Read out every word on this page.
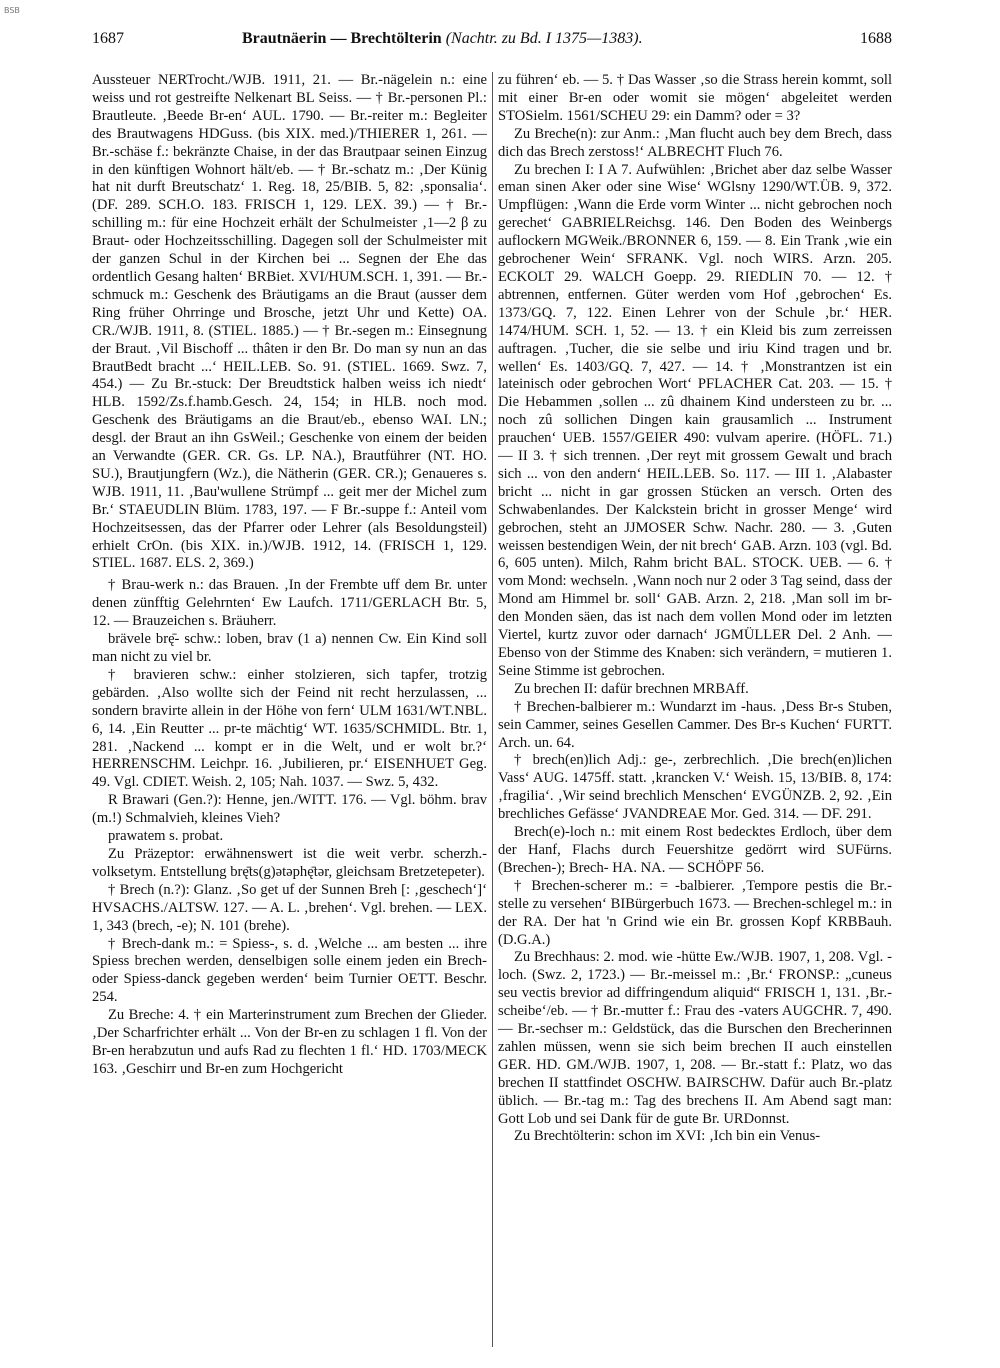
BSB
1687	Brautnäerin — Brechtölterin (Nachtr. zu Bd. I 1375—1383).	1688

Aussteuer NERTrocht./WJB. 1911, 21. — Br.-nägelein n.: eine weiss und rot gestreifte Nelkenart BL Seiss. — † Br.-personen Pl.: Brautleute. ‚Beede Br-en‘ AUL. 1790. — Br.-reiter m.: Begleiter des Brautwagens HDGuss. (bis XIX. med.)/THIERER 1, 261. — Br.-schäse f.: bekränzte Chaise, in der das Brautpaar seinen Einzug in den künftigen Wohnort hält/eb. — † Br.-schatz m.: ‚Der Künig hat nit durft Breutschatz‘ 1. Reg. 18, 25/BIB. 5, 82: ‚sponsalia‘. (DF. 289. SCH.O. 183. FRISCH 1, 129. LEX. 39.) — † Br.-schilling m.: für eine Hochzeit erhält der Schulmeister ‚1—2 β zu Braut- oder Hochzeitsschilling. Dagegen soll der Schulmeister mit der ganzen Schul in der Kirchen bei ... Segnen der Ehe das ordentlich Gesang halten‘ BRBiet. XVI/HUM.SCH. 1, 391. — Br.-schmuck m.: Geschenk des Bräutigams an die Braut (ausser dem Ring früher Ohrringe und Brosche, jetzt Uhr und Kette) OA. CR./WJB. 1911, 8. (STIEL. 1885.) — † Br.-segen m.: Einsegnung der Braut. ‚Vil Bischoff ... thâten ir den Br. Do man sy nun an das BrautBedt bracht ...‘ HEIL.LEB. So. 91. (STIEL. 1669. Swz. 7, 454.) — Zu Br.-stuck: Der Breudtstick halben weiss ich niedt‘ HLB. 1592/Zs.f.hamb.Gesch. 24, 154; in HLB. noch mod. Geschenk des Bräutigams an die Braut/eb., ebenso WAI. LN.; desgl. der Braut an ihn GsWeil.; Geschenke von einem der beiden an Verwandte (GER. CR. Gs. LP. NA.), Brautführer (NT. HO. SU.), Brautjungfern (Wz.), die Nätherin (GER. CR.); Genaueres s. WJB. 1911, 11. ‚Bau'wullene Strümpf ... geit mer der Michel zum Br.‘ STAEUDLIN Blüm. 1783, 197. — F Br.-suppe f.: Anteil vom Hochzeitsessen, das der Pfarrer oder Lehrer (als Besoldungsteil) erhielt CrOn. (bis XIX. in.)/WJB. 1912, 14. (FRISCH 1, 129. STIEL. 1687. ELS. 2, 369.)

† Brau-werk n.: das Brauen. ‚In der Frembte uff dem Br. unter denen zünfftig Gelehrnten‘ Ew Laufch. 1711/GERLACH Btr. 5, 12. — Brauzeichen s. Bräuherr.

brävele brę̄- schw.: loben, brav (1 a) nennen Cw. Ein Kind soll man nicht zu viel br.

† bravieren schw.: einher stolzieren, sich tapfer, trotzig gebärden. ‚Also wollte sich der Feind nit recht herzulassen, ... sondern bravirte allein in der Höhe von fern‘ ULM 1631/WT.NBL. 6, 14. ‚Ein Reutter ... pr-te mächtig‘ WT. 1635/SCHMIDL. Btr. 1, 281. ‚Nackend ... kompt er in die Welt, und er wolt br.?‘ HERRENSCHM. Leichpr. 16. ‚Jubilieren, pr.‘ EISENHUET Geg. 49. Vgl. CDIET. Weish. 2, 105; Nah. 1037. — Swz. 5, 432.

R Brawari (Gen.?): Henne, jen./WITT. 176. — Vgl. böhm. brav (m.!) Schmalvieh, kleines Vieh?

prawatem s. probat.

Zu Präzeptor: erwähnenswert ist die weit verbr. scherzh.-volksetym. Entstellung brę̄ts(g)ətəphę̄tər, gleichsam Bretzetepeter).

† Brech (n.?): Glanz. ‚So get uf der Sunnen Breh [: ‚geschech‘]‘ HVSACHS./ALTSW. 127. — A. L. ‚brehen‘. Vgl. brehen. — LEX. 1, 343 (brech, -e); N. 101 (brehe).

† Brech-dank m.: = Spiess-, s. d. ‚Welche ... am besten ... ihre Spiess brechen werden, denselbigen solle einem jeden ein Brech- oder Spiess-danck gegeben werden‘ beim Turnier OETT. Beschr. 254.

Zu Breche: 4. † ein Marterinstrument zum Brechen der Glieder. ‚Der Scharfrichter erhält ... Von der Br-en zu schlagen 1 fl. Von der Br-en herabzutun und aufs Rad zu flechten 1 fl.‘ HD. 1703/MECK 163. ‚Geschirr und Br-en zum Hochgericht

zu führen‘ eb. — 5. † Das Wasser ‚so die Strass herein kommt, soll mit einer Br-en oder womit sie mögen‘ abgeleitet werden STOSielm. 1561/SCHEU 29: ein Damm? oder = 3?

Zu Breche(n): zur Anm.: ‚Man flucht auch bey dem Brech, dass dich das Brech zerstoss!‘ ALBRECHT Fluch 76.

Zu brechen I: I A 7. Aufwühlen: ‚Brichet aber daz selbe Wasser eman sinen Aker oder sine Wise‘ WGlsny 1290/WT.ÜB. 9, 372. Umpflügen: ‚Wann die Erde vorm Winter ... nicht gebrochen noch gerechet‘ GABRIELReichsg. 146. Den Boden des Weinbergs auflockern MGWeik./BRONNER 6, 159. — 8. Ein Trank ‚wie ein gebrochener Wein‘ SFRANK. Vgl. noch WIRS. Arzn. 205. ECKOLT 29. WALCH Goepp. 29. RIEDLIN 70. — 12. † abtrennen, entfernen. Güter werden vom Hof ‚gebrochen‘ Es. 1373/GQ. 7, 122. Einen Lehrer von der Schule ‚br.‘ HER. 1474/HUM. SCH. 1, 52. — 13. † ein Kleid bis zum zerreissen auftragen. ‚Tucher, die sie selbe und iriu Kind tragen und br. wellen‘ Es. 1403/GQ. 7, 427. — 14. † ‚Monstrantzen ist ein lateinisch oder gebrochen Wort‘ PFLACHER Cat. 203. — 15. † Die Hebammen ‚sollen ... zû dhainem Kind understeen zu br. ... noch zû sollichen Dingen kain grausamlich ... Instrument prauchen‘ UEB. 1557/GEIER 490: vulvam aperire. (HÖFL. 71.) — II 3. † sich trennen. ‚Der reyt mit grossem Gewalt und brach sich ... von den andern‘ HEIL.LEB. So. 117. — III 1. ‚Alabaster bricht ... nicht in gar grossen Stücken an versch. Orten des Schwabenlandes. Der Kalckstein bricht in grosser Menge‘ wird gebrochen, steht an JJMOSER Schw. Nachr. 280. — 3. ‚Guten weissen bestendigen Wein, der nit brech‘ GAB. Arzn. 103 (vgl. Bd. 6, 605 unten). Milch, Rahm bricht BAL. STOCK. UEB. — 6. † vom Mond: wechseln. ‚Wann noch nur 2 oder 3 Tag seind, dass der Mond am Himmel br. soll‘ GAB. Arzn. 2, 218. ‚Man soll im br-den Monden säen, das ist nach dem vollen Mond oder im letzten Viertel, kurtz zuvor oder darnach‘ JGMÜLLER Del. 2 Anh. — Ebenso von der Stimme des Knaben: sich verändern, = mutieren 1. Seine Stimme ist gebrochen.

Zu brechen II: dafür brechnen MRBAff.

† Brechen-balbierer m.: Wundarzt im -haus. ‚Dess Br-s Stuben, sein Cammer, seines Gesellen Cammer. Des Br-s Kuchen‘ FURTT. Arch. un. 64.

† brech(en)lich Adj.: ge-, zerbrechlich. ‚Die brech(en)lichen Vass‘ AUG. 1475ff. statt. ‚krancken V.‘ Weish. 15, 13/BIB. 8, 174: ‚fragilia‘. ‚Wir seind brechlich Menschen‘ EVGÜNZB. 2, 92. ‚Ein brechliches Gefässe‘ JVANDREAE Mor. Ged. 314. — DF. 291.

Brech(e)-loch n.: mit einem Rost bedecktes Erdloch, über dem der Hanf, Flachs durch Feuershitze gedörrt wird SUFürns. (Brechen-); Brech- HA. NA. — SCHÖPF 56.

† Brechen-scherer m.: = -balbierer. ‚Tempore pestis die Br.-stelle zu versehen‘ BIBürgerbuch 1673. — Brechen-schlegel m.: in der RA. Der hat 'n Grind wie ein Br. grossen Kopf KRBBauh. (D.G.A.)

Zu Brechhaus: 2. mod. wie -hütte Ew./WJB. 1907, 1, 208. Vgl. -loch. (Swz. 2, 1723.) — Br.-meissel m.: ‚Br.‘ FRONSP.: „cuneus seu vectis brevior ad diffringendum aliquid“ FRISCH 1, 131. ‚Br.-scheibe‘/eb. — † Br.-mutter f.: Frau des -vaters AUGCHR. 7, 490. — Br.-sechser m.: Geldstück, das die Burschen den Brecherinnen zahlen müssen, wenn sie sich beim brechen II auch einstellen GER. HD. GM./WJB. 1907, 1, 208. — Br.-statt f.: Platz, wo das brechen II stattfindet OSCHW. BAIRSCHW. Dafür auch Br.-platz üblich. — Br.-tag m.: Tag des brechens II. Am Abend sagt man: Gott Lob und sei Dank für de gute Br. URDonnst.

Zu Brechtölterin: schon im XVI: ‚Ich bin ein Venus-
